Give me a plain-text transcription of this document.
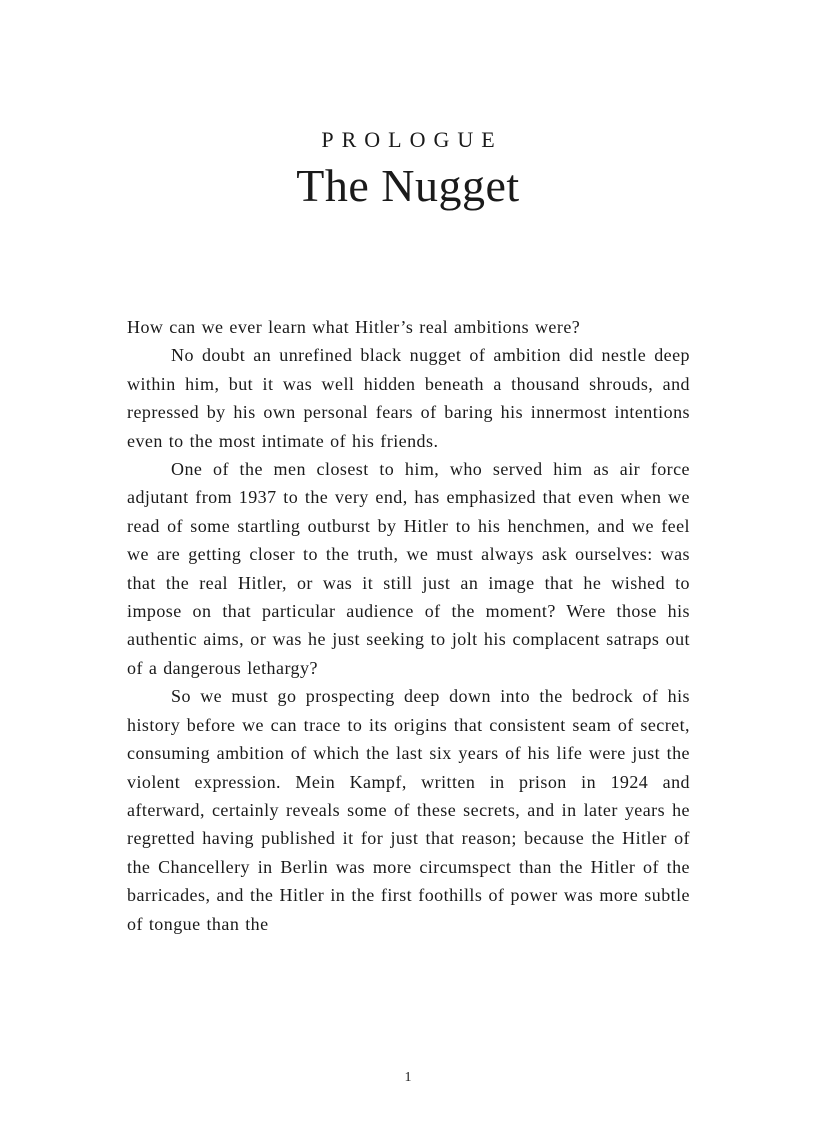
PROLOGUE
The Nugget

How can we ever learn what Hitler’s real ambitions were?

No doubt an unrefined black nugget of ambition did nestle deep within him, but it was well hidden beneath a thousand shrouds, and repressed by his own personal fears of baring his innermost intentions even to the most intimate of his friends.

One of the men closest to him, who served him as air force adjutant from 1937 to the very end, has emphasized that even when we read of some startling outburst by Hitler to his henchmen, and we feel we are getting closer to the truth, we must always ask ourselves: was that the real Hitler, or was it still just an image that he wished to impose on that particular audience of the moment? Were those his authentic aims, or was he just seeking to jolt his complacent satraps out of a dangerous lethargy?

So we must go prospecting deep down into the bedrock of his history before we can trace to its origins that consistent seam of secret, consuming ambition of which the last six years of his life were just the violent expression. Mein Kampf, written in prison in 1924 and afterward, certainly reveals some of these secrets, and in later years he regretted having published it for just that reason; because the Hitler of the Chancellery in Berlin was more circumspect than the Hitler of the barricades, and the Hitler in the first foothills of power was more subtle of tongue than the

1
